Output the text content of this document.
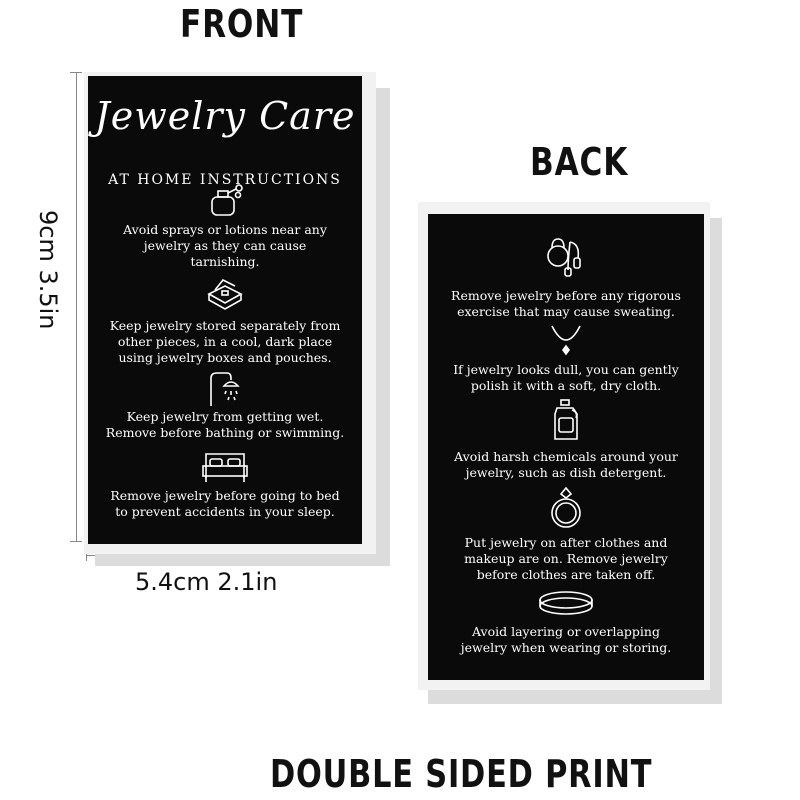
FRONT
BACK
DOUBLE SIDED PRINT
9cm 3.5in
5.4cm 2.1in
Jewelry Care
AT HOME INSTRUCTIONS
Avoid sprays or lotions near any
jewelry as they can cause
tarnishing.
Keep jewelry stored separately from
other pieces, in a cool, dark place
using jewelry boxes and pouches.
Keep jewelry from getting wet.
Remove before bathing or swimming.
Remove jewelry before going to bed
to prevent accidents in your sleep.
Remove jewelry before any rigorous
exercise that may cause sweating.
If jewelry looks dull, you can gently
polish it with a soft, dry cloth.
Avoid harsh chemicals around your
jewelry, such as dish detergent.
Put jewelry on after clothes and
makeup are on. Remove jewelry
before clothes are taken off.
Avoid layering or overlapping
jewelry when wearing or storing.
